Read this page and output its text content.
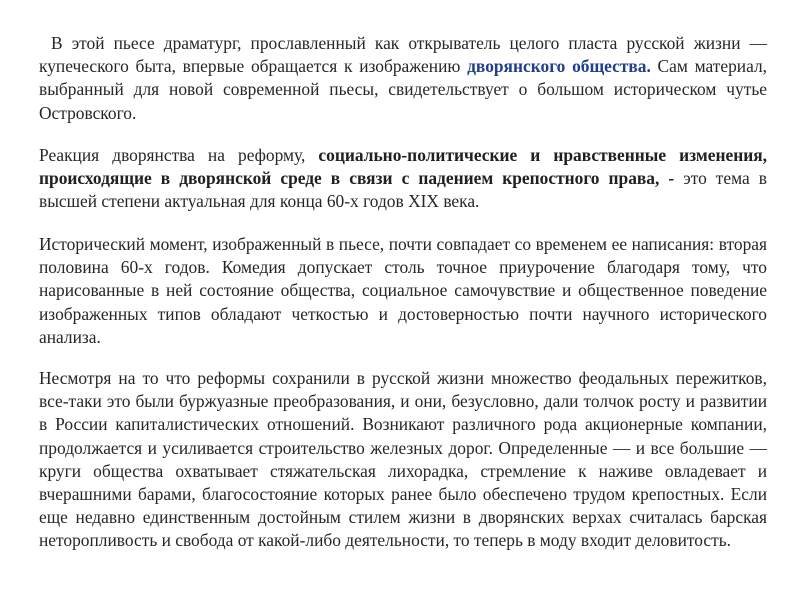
В этой пьесе драматург, прославленный как открыватель целого пласта русской жизни — купеческого быта, впервые обращается к изображению дворянского общества. Сам материал, выбранный для новой современной пьесы, свидетельствует о большом историческом чутье Островского.

Реакция дворянства на реформу, социально-политические и нравственные изменения, происходящие в дворянской среде в связи с падением крепостного права, - это тема в высшей степени актуальная для конца 60-х годов XIX века.

Исторический момент, изображенный в пьесе, почти совпадает со временем ее написания: вторая половина 60-х годов. Комедия допускает столь точное приурочение благодаря тому, что нарисованные в ней состояние общества, социальное самочувствие и общественное поведение изображенных типов обладают четкостью и достоверностью почти научного исторического анализа.

Несмотря на то что реформы сохранили в русской жизни множество феодальных пережитков, все-таки это были буржуазные преобразования, и они, безусловно, дали толчок росту и развитии в России капиталистических отношений. Возникают различного рода акционерные компании, продолжается и усиливается строительство железных дорог. Определенные — и все большие — круги общества охватывает стяжательская лихорадка, стремление к наживе овладевает и вчерашними барами, благосостояние которых ранее было обеспечено трудом крепостных. Если еще недавно единственным достойным стилем жизни в дворянских верхах считалась барская неторопливость и свобода от какой-либо деятельности, то теперь в моду входит деловитость.
